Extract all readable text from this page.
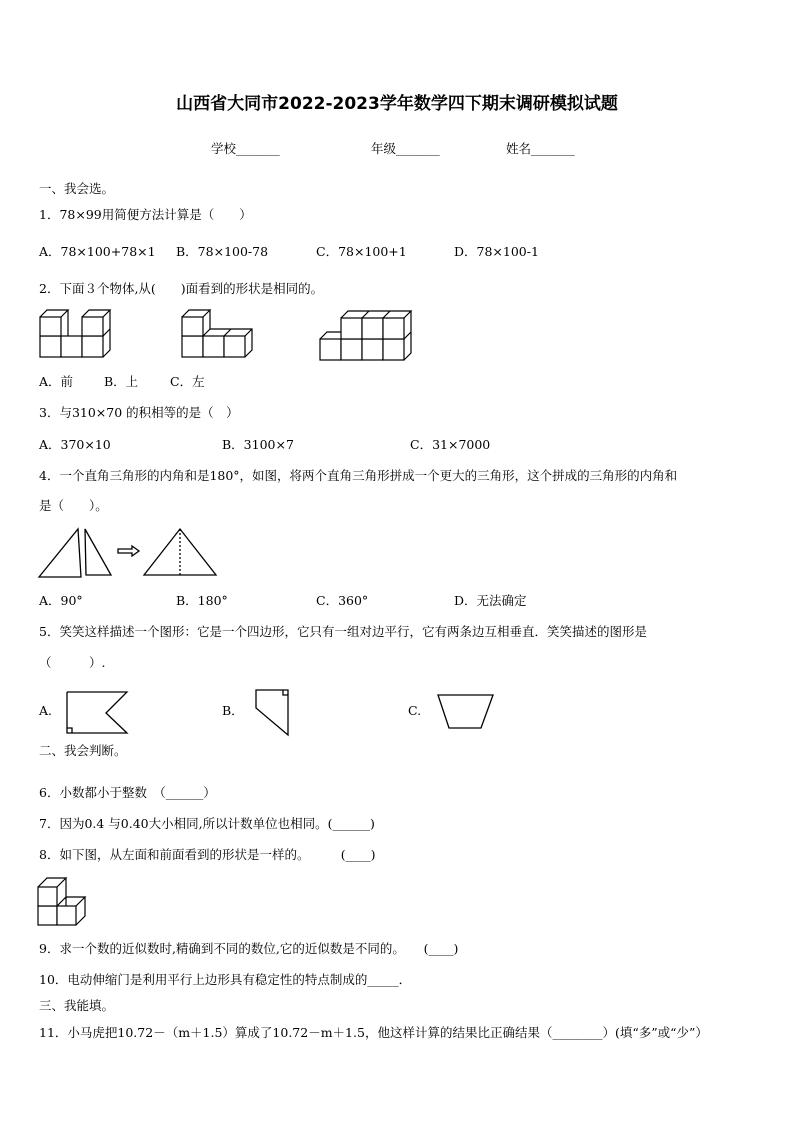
山西省大同市2022-2023学年数学四下期末调研模拟试题
学校_______	年级_______	姓名_______
一、我会选。
1．78×99用简便方法计算是（　　）
A．78×100+78×1 B．78×100-78	C．78×100+1	D．78×100-1
2．下面３个物体,从(　　)面看到的形状是相同的。
A．前 B．上	C．左
3．与310×70 的积相等的是（　）
A．370×10	B．3100×7	C．31×7000
4．一个直角三角形的内角和是180°，如图，将两个直角三角形拼成一个更大的三角形，这个拼成的三角形的内角和
是（　　）。
A．90°	B．180°	C．360°	D．无法确定
5．笑笑这样描述一个图形：它是一个四边形，它只有一组对边平行，它有两条边互相垂直．笑笑描述的图形是
（　　　）.
A.	B．	C.
二、我会判断。
6．小数都小于整数　（______）
7．因为0.4 与0.40大小相同,所以计数单位也相同。(______)
8．如下图，从左面和前面看到的形状是一样的。　　　(____)
9．求一个数的近似数时,精确到不同的数位,它的近似数是不同的。　　(____)
10．电动伸缩门是利用平行上边形具有稳定性的特点制成的_____．
三、我能填。
11．小马虎把10.72－（m＋1.5）算成了10.72－m＋1.5，他这样计算的结果比正确结果（________）(填“多”或“少”）
